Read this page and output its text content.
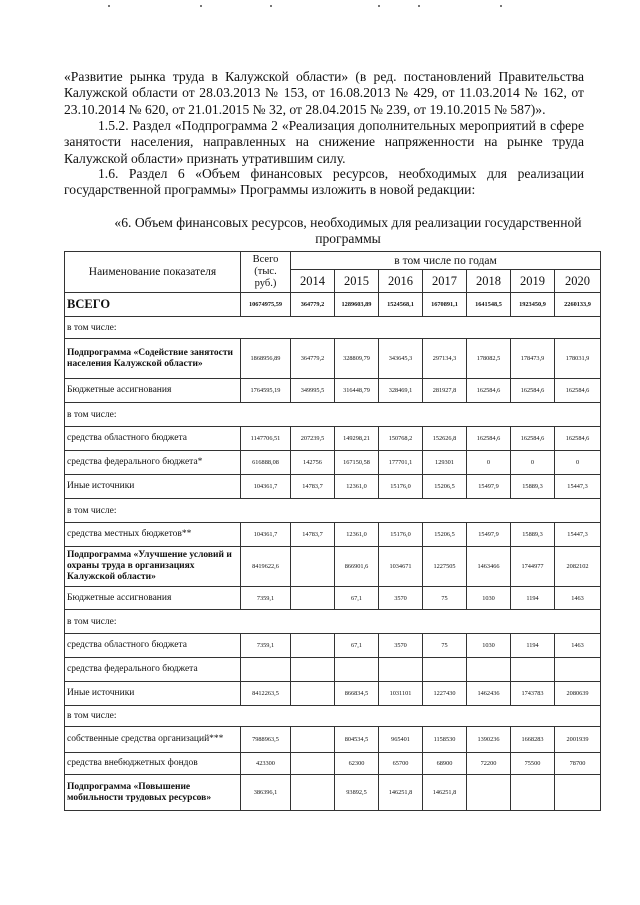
«Развитие рынка труда в Калужской области» (в ред. постановлений Правительства Калужской области от 28.03.2013 № 153, от 16.08.2013 № 429, от 11.03.2014 № 162, от 23.10.2014 № 620, от 21.01.2015 № 32, от 28.04.2015 № 239, от 19.10.2015 № 587)».

1.5.2. Раздел «Подпрограмма 2 «Реализация дополнительных мероприятий в сфере занятости населения, направленных на снижение напряженности на рынке труда Калужской области» признать утратившим силу.

1.6. Раздел 6 «Объем финансовых ресурсов, необходимых для реализации государственной программы» Программы изложить в новой редакции:

«6. Объем финансовых ресурсов, необходимых для реализации государственной программы

Наименование показателя	Всего (тыс. руб.)	в том числе по годам						
		2014	2015	2016	2017	2018	2019	2020
ВСЕГО	10674975,59	364779,2	1289603,89	1524568,1	1670891,1	1641548,5	1923450,9	2260133,9
в том числе:								
Подпрограмма «Содействие занятости населения Калужской области»	1868956,89	364779,2	328809,79	343645,3	297134,3	178082,5	178473,9	178031,9
Бюджетные ассигнования	1764595,19	349995,5	316448,79	328469,1	281927,8	162584,6	162584,6	162584,6
в том числе:								
средства областного бюджета	1147706,51	207239,5	149298,21	150768,2	152626,8	162584,6	162584,6	162584,6
средства федерального бюджета*	616888,08	142756	167150,58	177701,1	129301	0	0	0
Иные источники	104361,7	14783,7	12361,0	15176,0	15206,5	15497,9	15889,3	15447,3
в том числе:								
средства местных бюджетов**	104361,7	14783,7	12361,0	15176,0	15206,5	15497,9	15889,3	15447,3
Подпрограмма «Улучшение условий и охраны труда в организациях Калужской области»	8419622,6		866901,6	1034671	1227505	1463466	1744977	2082102
Бюджетные ассигнования	7359,1		67,1	3570	75	1030	1194	1463
в том числе:								
средства областного бюджета	7359,1		67,1	3570	75	1030	1194	1463
средства федерального бюджета								
Иные источники	8412263,5		866834,5	1031101	1227430	1462436	1743783	2080639
в том числе:								
собственные средства организаций***	7988963,5		804534,5	965401	1158530	1390236	1668283	2001939
средства внебюджетных фондов	423300		62300	65700	68900	72200	75500	78700
Подпрограмма «Повышение мобильности трудовых ресурсов»	386396,1		93892,5	146251,8	146251,8			
